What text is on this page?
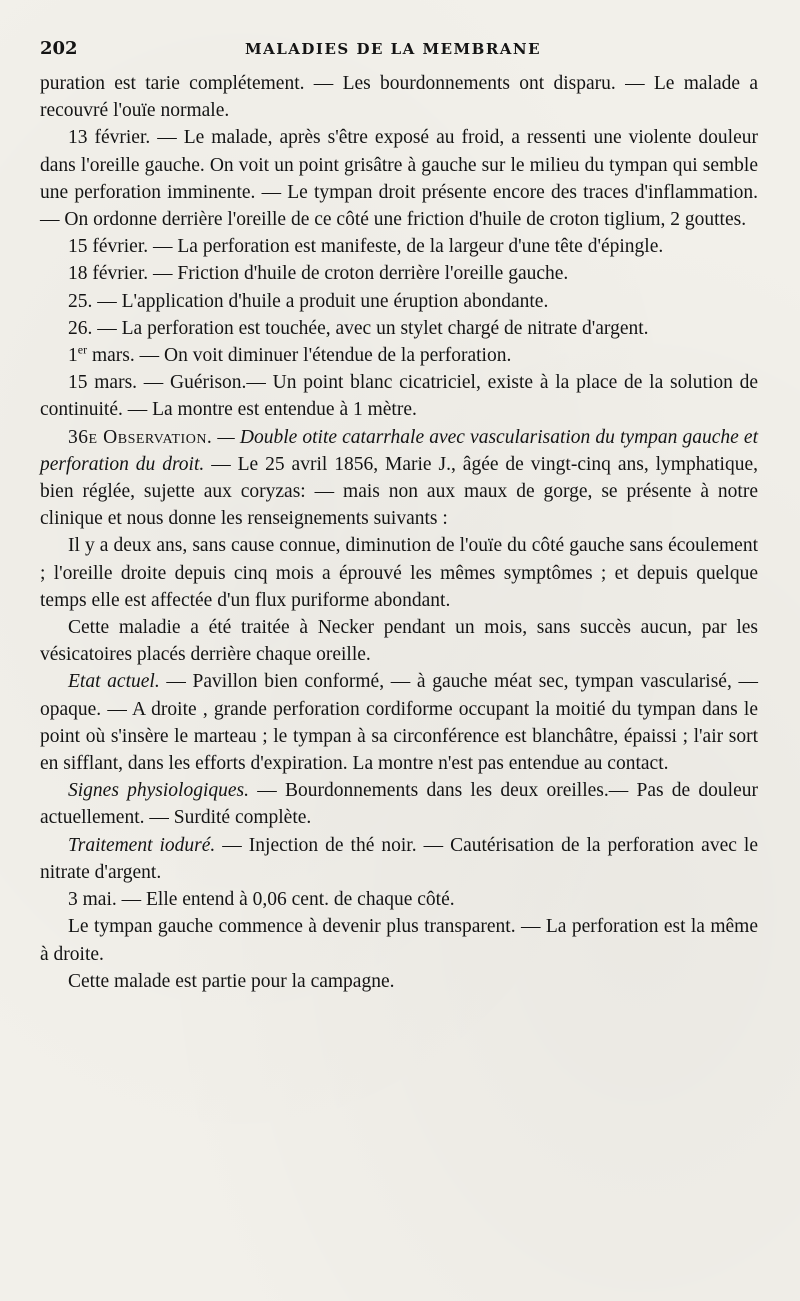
202	MALADIES DE LA MEMBRANE

puration est tarie complétement. — Les bourdonnements ont disparu. — Le malade a recouvré l'ouïe normale.

13 février. — Le malade, après s'être exposé au froid, a ressenti une violente douleur dans l'oreille gauche. On voit un point grisâtre à gauche sur le milieu du tympan qui semble une perforation imminente. — Le tympan droit présente encore des traces d'inflammation. — On ordonne derrière l'oreille de ce côté une friction d'huile de croton tiglium, 2 gouttes.

15 février. — La perforation est manifeste, de la largeur d'une tête d'épingle.

18 février. — Friction d'huile de croton derrière l'oreille gauche.

25. — L'application d'huile a produit une éruption abondante.

26. — La perforation est touchée, avec un stylet chargé de nitrate d'argent.

1er mars. — On voit diminuer l'étendue de la perforation.

15 mars. — Guérison.— Un point blanc cicatriciel, existe à la place de la solution de continuité. — La montre est entendue à 1 mètre.

36e Observation. — Double otite catarrhale avec vascularisation du tympan gauche et perforation du droit. — Le 25 avril 1856, Marie J., âgée de vingt-cinq ans, lymphatique, bien réglée, sujette aux coryzas: — mais non aux maux de gorge, se présente à notre clinique et nous donne les renseignements suivants :

Il y a deux ans, sans cause connue, diminution de l'ouïe du côté gauche sans écoulement ; l'oreille droite depuis cinq mois a éprouvé les mêmes symptômes ; et depuis quelque temps elle est affectée d'un flux puriforme abondant.

Cette maladie a été traitée à Necker pendant un mois, sans succès aucun, par les vésicatoires placés derrière chaque oreille.

Etat actuel. — Pavillon bien conformé, — à gauche méat sec, tympan vascularisé, — opaque. — A droite , grande perforation cordiforme occupant la moitié du tympan dans le point où s'insère le marteau ; le tympan à sa circonférence est blanchâtre, épaissi ; l'air sort en sifflant, dans les efforts d'expiration. La montre n'est pas entendue au contact.

Signes physiologiques. — Bourdonnements dans les deux oreilles.— Pas de douleur actuellement. — Surdité complète.

Traitement ioduré. — Injection de thé noir. — Cautérisation de la perforation avec le nitrate d'argent.

3 mai. — Elle entend à 0,06 cent. de chaque côté.

Le tympan gauche commence à devenir plus transparent. — La perforation est la même à droite.

Cette malade est partie pour la campagne.
